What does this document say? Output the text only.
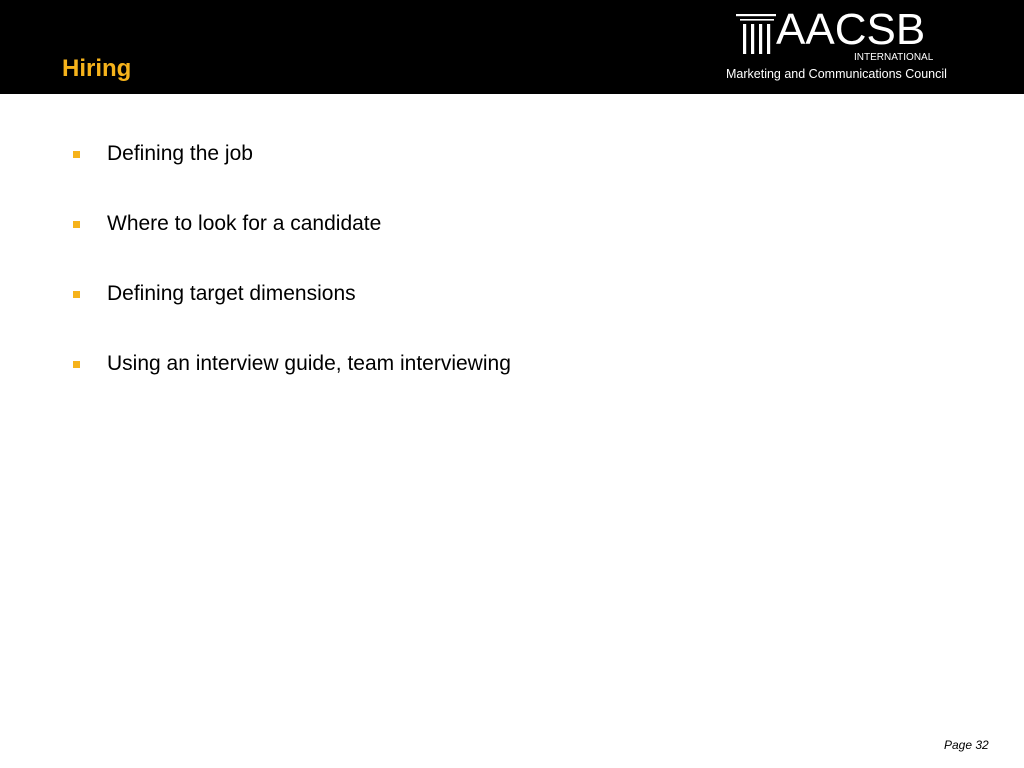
Hiring
AACSB
INTERNATIONAL
Marketing and Communications Council
Defining the job
Where to look for a candidate
Defining target dimensions
Using an interview guide, team interviewing
Page 32
